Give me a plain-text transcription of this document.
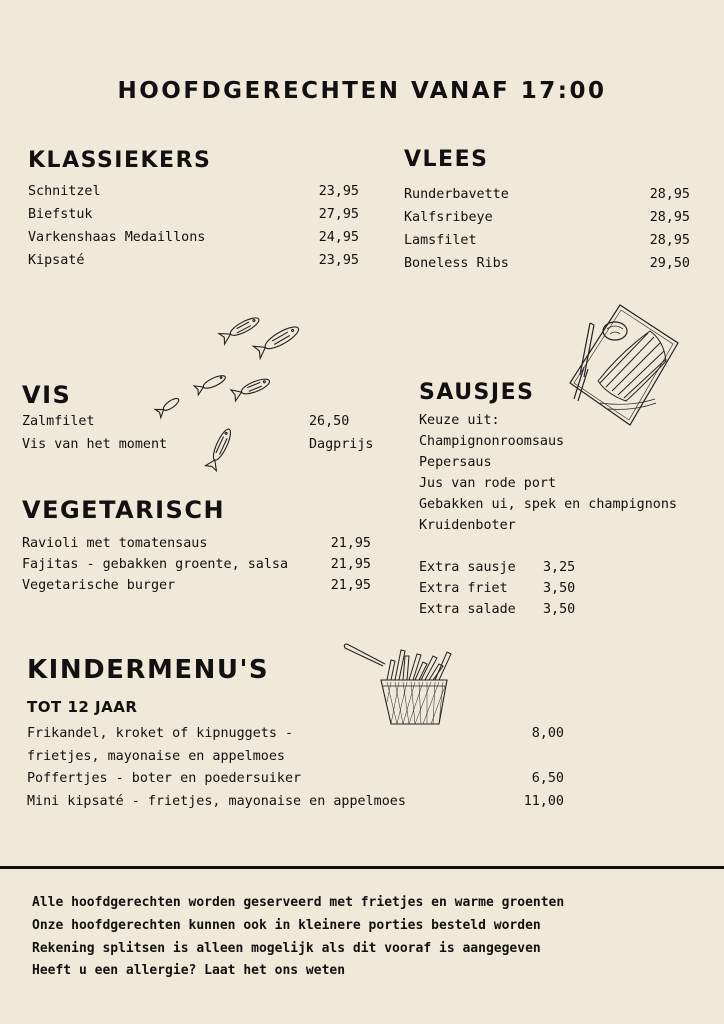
HOOFDGERECHTEN VANAF 17:00
KLASSIEKERS
Schnitzel	23,95
Biefstuk	27,95
Varkenshaas Medaillons	24,95
Kipsaté	23,95
VLEES
Runderbavette	28,95
Kalfsribeye	28,95
Lamsfilet	28,95
Boneless Ribs	29,50
VIS
Zalmfilet	26,50
Vis van het moment	Dagprijs
SAUSJES
Keuze uit:
Champignonroomsaus
Pepersaus
Jus van rode port
Gebakken ui, spek en champignons
Kruidenboter
Extra sausje 3,25
Extra friet	3,50
Extra salade 3,50
VEGETARISCH
Ravioli met tomatensaus	21,95
Fajitas - gebakken groente, salsa	21,95
Vegetarische burger	21,95
KINDERMENU'S
TOT 12 JAAR
Frikandel, kroket of kipnuggets -	8,00
frietjes, mayonaise en appelmoes
Poffertjes - boter en poedersuiker	6,50
Mini kipsaté - frietjes, mayonaise en appelmoes	11,00
Alle hoofdgerechten worden geserveerd met frietjes en warme groenten
Onze hoofdgerechten kunnen ook in kleinere porties besteld worden
Rekening splitsen is alleen mogelijk als dit vooraf is aangegeven
Heeft u een allergie? Laat het ons weten
